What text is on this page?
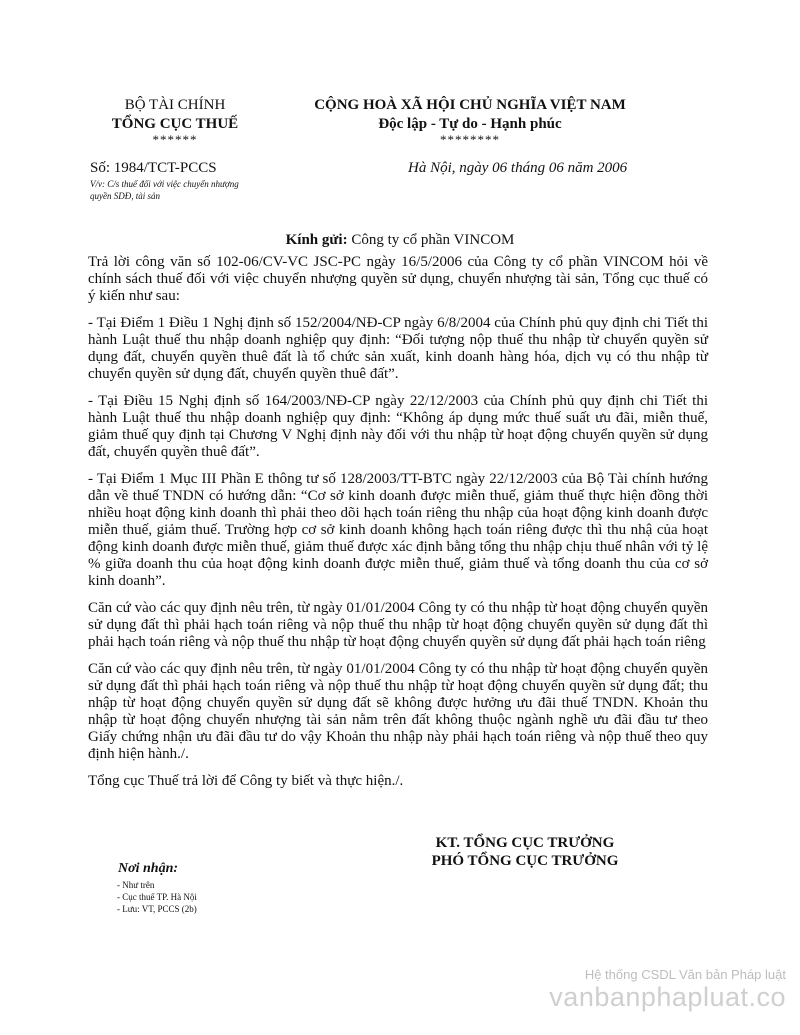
BỘ TÀI CHÍNH
TỔNG CỤC THUẾ
******
CỘNG HOÀ XÃ HỘI CHỦ NGHĨA VIỆT NAM
Độc lập - Tự do - Hạnh phúc
********
Số: 1984/TCT-PCCS
V/v: C/s thuế đối với việc chuyển nhượng
quyền SDĐ, tài sản
Hà Nội, ngày 06 tháng 06 năm 2006
Kính gửi: Công ty cổ phần VINCOM

Trả lời công văn số 102-06/CV-VC JSC-PC ngày 16/5/2006 của Công ty cổ phần VINCOM hỏi về chính sách thuế đối với việc chuyển nhượng quyền sử dụng, chuyển nhượng tài sản, Tổng cục thuế có ý kiến như sau:

- Tại Điểm 1 Điều 1 Nghị định số 152/2004/NĐ-CP ngày 6/8/2004 của Chính phủ quy định chi Tiết thi hành Luật thuế thu nhập doanh nghiệp quy định: “Đối tượng nộp thuế thu nhập từ chuyển quyền sử dụng đất, chuyển quyền thuê đất là tổ chức sản xuất, kinh doanh hàng hóa, dịch vụ có thu nhập từ chuyển quyền sử dụng đất, chuyển quyền thuê đất”.

- Tại Điều 15 Nghị định số 164/2003/NĐ-CP ngày 22/12/2003 của Chính phủ quy định chi Tiết thi hành Luật thuế thu nhập doanh nghiệp quy định: “Không áp dụng mức thuế suất ưu đãi, miễn thuế, giảm thuế quy định tại Chương V Nghị định này đối với thu nhập từ hoạt động chuyển quyền sử dụng đất, chuyển quyền thuê đất”.

- Tại Điểm 1 Mục III Phần E thông tư số 128/2003/TT-BTC ngày 22/12/2003 của Bộ Tài chính hướng dẫn về thuế TNDN có hướng dẫn: “Cơ sở kinh doanh được miễn thuế, giảm thuế thực hiện đồng thời nhiều hoạt động kinh doanh thì phải theo dõi hạch toán riêng thu nhập của hoạt động kinh doanh được miễn thuế, giảm thuế. Trường hợp cơ sở kinh doanh không hạch toán riêng được thì thu nhậ của hoạt động kinh doanh được miễn thuế, giảm thuế được xác định bằng tổng thu nhập chịu thuế nhân với tỷ lệ % giữa doanh thu của hoạt động kinh doanh được miễn thuế, giảm thuế và tổng doanh thu của cơ sở kinh doanh”.

Căn cứ vào các quy định nêu trên, từ ngày 01/01/2004 Công ty có thu nhập từ hoạt động chuyển quyền sử dụng đất thì phải hạch toán riêng và nộp thuế thu nhập từ hoạt động chuyển quyền sử dụng đất thì phải hạch toán riêng và nộp thuế thu nhập từ hoạt động chuyển quyền sử dụng đất phải hạch toán riêng

Căn cứ vào các quy định nêu trên, từ ngày 01/01/2004 Công ty có thu nhập từ hoạt động chuyển quyền sử dụng đất thì phải hạch toán riêng và nộp thuế thu nhập từ hoạt động chuyển quyền sử dụng đất; thu nhập từ hoạt động chuyển quyền sử dụng đất sẽ không được hưởng ưu đãi thuế TNDN. Khoản thu nhập từ hoạt động chuyển nhượng tài sản nằm trên đất không thuộc ngành nghề ưu đãi đầu tư theo Giấy chứng nhận ưu đãi đầu tư do vậy Khoản thu nhập này phải hạch toán riêng và nộp thuế theo quy định hiện hành./.

Tổng cục Thuế trả lời để Công ty biết và thực hiện./.

KT. TỔNG CỤC TRƯỞNG
PHÓ TỔNG CỤC TRƯỞNG
Nơi nhận:
- Như trên
- Cục thuế TP. Hà Nội
- Lưu: VT, PCCS (2b)
Hệ thống CSDL Văn bản Pháp luật
vanbanphapluat.co
